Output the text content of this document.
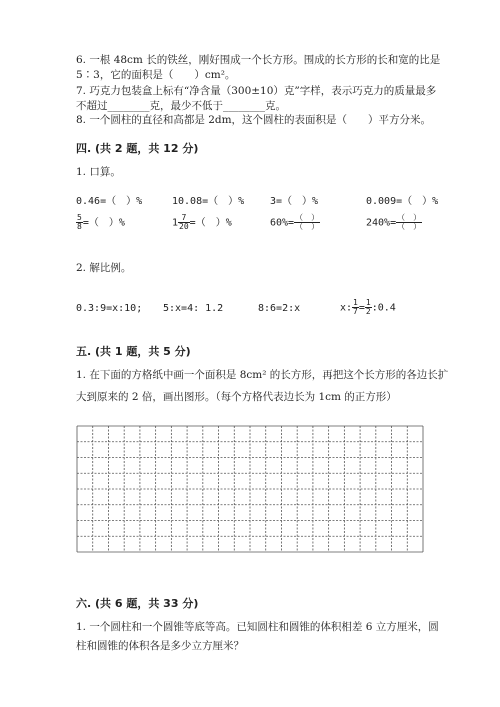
6. 一根 48cm 长的铁丝，刚好围成一个长方形。围成的长方形的长和宽的比是
5∶3，它的面积是（　　）cm²。
7. 巧克力包装盒上标有“净含量（300±10）克”字样，表示巧克力的质量最多
不超过________克，最少不低于________克。
8. 一个圆柱的直径和高都是 2dm，这个圆柱的表面积是（　　）平方分米。
四. (共 2 题，共 12 分)
1. 口算。
0.46=（　）%	10.08=（　）%	3=（　）%	0.009=（　）%
$\frac{5}{8}$ =（　）%	$1 \frac{7}{20}$ =（　）%	$60\%= \frac{( )}{( )}$	$240\%= \frac{( )}{( )}$
2. 解比例。
0.3:9=x:10; 5:x=4: 1.2	8:6=2:x	x: $\frac{1}{7} = \frac{1}{2}$ :0.4
五. (共 1 题，共 5 分)
1. 在下面的方格纸中画一个面积是 8cm² 的长方形，再把这个长方形的各边长扩
大到原来的 2 倍，画出图形。（每个方格代表边长为 1cm 的正方形）
六. (共 6 题，共 33 分)
1. 一个圆柱和一个圆锥等底等高。已知圆柱和圆锥的体积相差 6 立方厘米，圆
柱和圆锥的体积各是多少立方厘米？
